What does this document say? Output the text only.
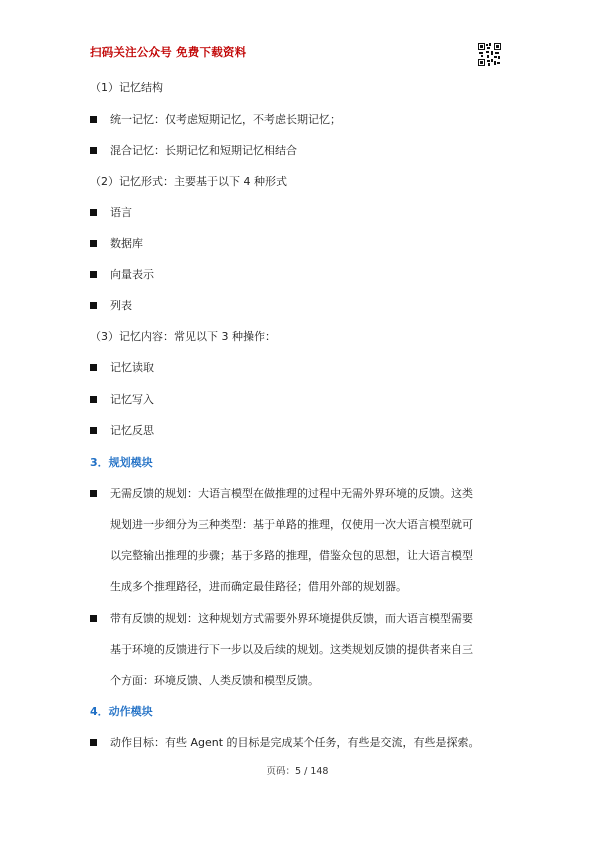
扫码关注公众号 免费下载资料
（1）记忆结构
统一记忆：仅考虑短期记忆，不考虑长期记忆；
混合记忆：长期记忆和短期记忆相结合
（2）记忆形式：主要基于以下 4 种形式
语言
数据库
向量表示
列表
（3）记忆内容：常见以下 3 种操作：
记忆读取
记忆写入
记忆反思
3．规划模块
无需反馈的规划：大语言模型在做推理的过程中无需外界环境的反馈。这类
规划进一步细分为三种类型：基于单路的推理，仅使用一次大语言模型就可
以完整输出推理的步骤；基于多路的推理，借鉴众包的思想，让大语言模型
生成多个推理路径，进而确定最佳路径；借用外部的规划器。
带有反馈的规划：这种规划方式需要外界环境提供反馈，而大语言模型需要
基于环境的反馈进行下一步以及后续的规划。这类规划反馈的提供者来自三
个方面：环境反馈、人类反馈和模型反馈。
4．动作模块
动作目标：有些 Agent 的目标是完成某个任务，有些是交流，有些是探索。
页码：5 / 148
